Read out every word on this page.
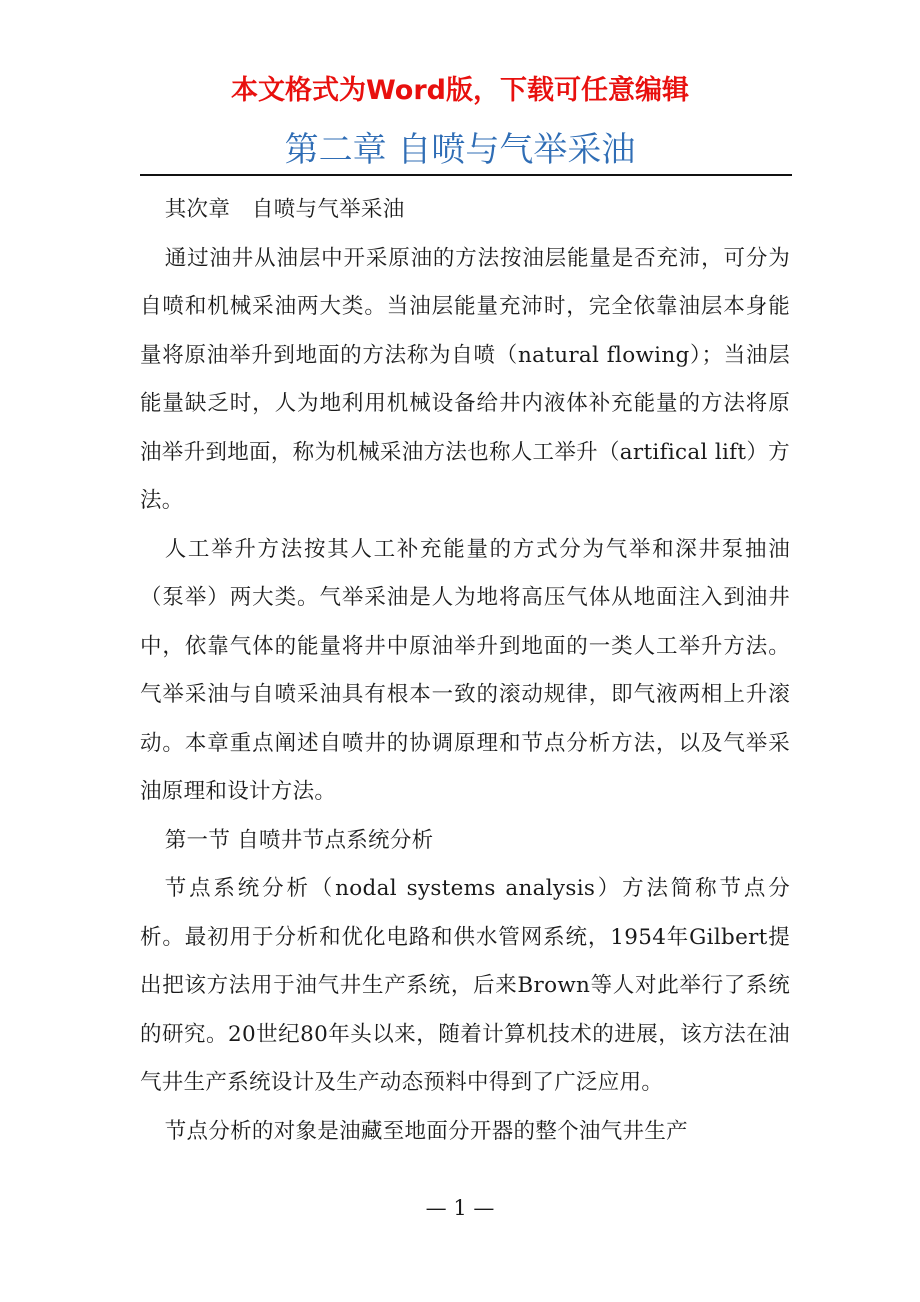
本文格式为Word版，下载可任意编辑
第二章 自喷与气举采油

其次章　自喷与气举采油

通过油井从油层中开采原油的方法按油层能量是否充沛，可分为自喷和机械采油两大类。当油层能量充沛时，完全依靠油层本身能量将原油举升到地面的方法称为自喷（natural flowing）；当油层能量缺乏时，人为地利用机械设备给井内液体补充能量的方法将原油举升到地面，称为机械采油方法也称人工举升（artifical lift）方法。

人工举升方法按其人工补充能量的方式分为气举和深井泵抽油（泵举）两大类。气举采油是人为地将高压气体从地面注入到油井中，依靠气体的能量将井中原油举升到地面的一类人工举升方法。气举采油与自喷采油具有根本一致的滚动规律，即气液两相上升滚动。本章重点阐述自喷井的协调原理和节点分析方法，以及气举采油原理和设计方法。

第一节 自喷井节点系统分析

节点系统分析（nodal systems analysis）方法简称节点分析。最初用于分析和优化电路和供水管网系统，1954年Gilbert提出把该方法用于油气井生产系统，后来Brown等人对此举行了系统的研究。20世纪80年头以来，随着计算机技术的进展，该方法在油气井生产系统设计及生产动态预料中得到了广泛应用。

节点分析的对象是油藏至地面分开器的整个油气井生产

— 1 —
